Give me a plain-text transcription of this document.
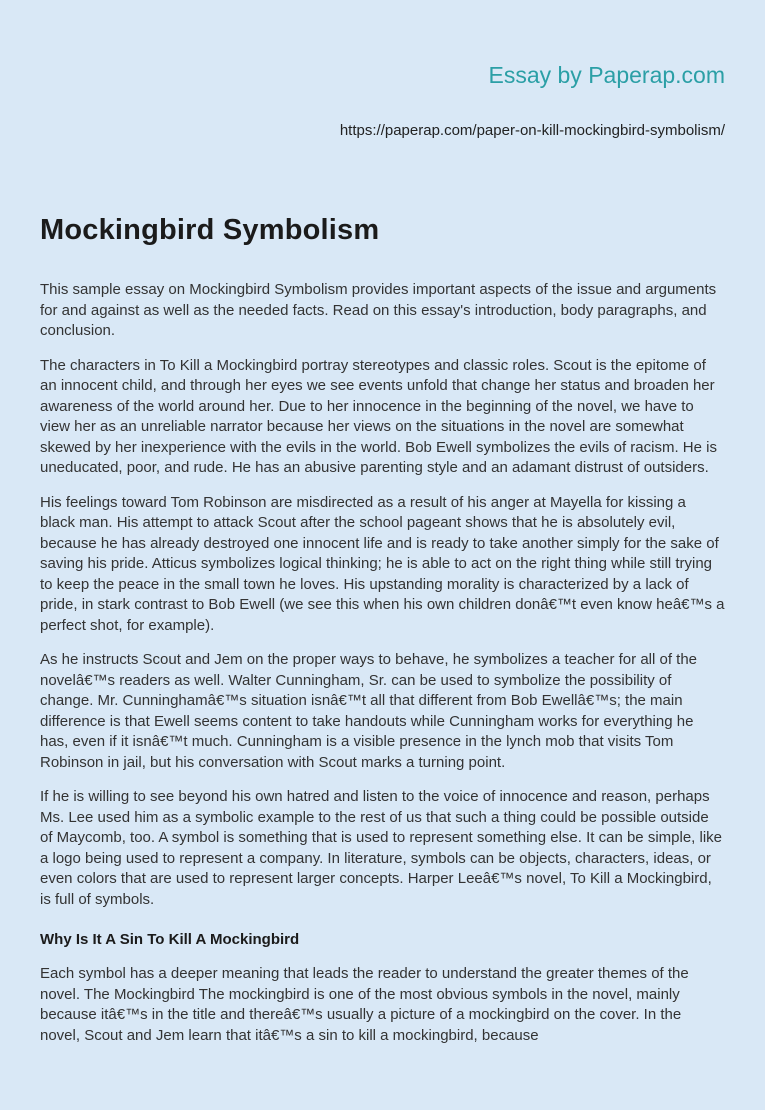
Essay by Paperap.com
https://paperap.com/paper-on-kill-mockingbird-symbolism/
Mockingbird Symbolism

This sample essay on Mockingbird Symbolism provides important aspects of the issue and arguments for and against as well as the needed facts. Read on this essay's introduction, body paragraphs, and conclusion.

The characters in To Kill a Mockingbird portray stereotypes and classic roles. Scout is the epitome of an innocent child, and through her eyes we see events unfold that change her status and broaden her awareness of the world around her. Due to her innocence in the beginning of the novel, we have to view her as an unreliable narrator because her views on the situations in the novel are somewhat skewed by her inexperience with the evils in the world. Bob Ewell symbolizes the evils of racism. He is uneducated, poor, and rude. He has an abusive parenting style and an adamant distrust of outsiders.

His feelings toward Tom Robinson are misdirected as a result of his anger at Mayella for kissing a black man. His attempt to attack Scout after the school pageant shows that he is absolutely evil, because he has already destroyed one innocent life and is ready to take another simply for the sake of saving his pride. Atticus symbolizes logical thinking; he is able to act on the right thing while still trying to keep the peace in the small town he loves. His upstanding morality is characterized by a lack of pride, in stark contrast to Bob Ewell (we see this when his own children donâ€™t even know heâ€™s a perfect shot, for example).

As he instructs Scout and Jem on the proper ways to behave, he symbolizes a teacher for all of the novelâ€™s readers as well. Walter Cunningham, Sr. can be used to symbolize the possibility of change. Mr. Cunninghamâ€™s situation isnâ€™t all that different from Bob Ewellâ€™s; the main difference is that Ewell seems content to take handouts while Cunningham works for everything he has, even if it isnâ€™t much. Cunningham is a visible presence in the lynch mob that visits Tom Robinson in jail, but his conversation with Scout marks a turning point.

If he is willing to see beyond his own hatred and listen to the voice of innocence and reason, perhaps Ms. Lee used him as a symbolic example to the rest of us that such a thing could be possible outside of Maycomb, too. A symbol is something that is used to represent something else. It can be simple, like a logo being used to represent a company. In literature, symbols can be objects, characters, ideas, or even colors that are used to represent larger concepts. Harper Leeâ€™s novel, To Kill a Mockingbird, is full of symbols.

Why Is It A Sin To Kill A Mockingbird

Each symbol has a deeper meaning that leads the reader to understand the greater themes of the novel. The Mockingbird The mockingbird is one of the most obvious symbols in the novel, mainly because itâ€™s in the title and thereâ€™s usually a picture of a mockingbird on the cover. In the novel, Scout and Jem learn that itâ€™s a sin to kill a mockingbird, because
